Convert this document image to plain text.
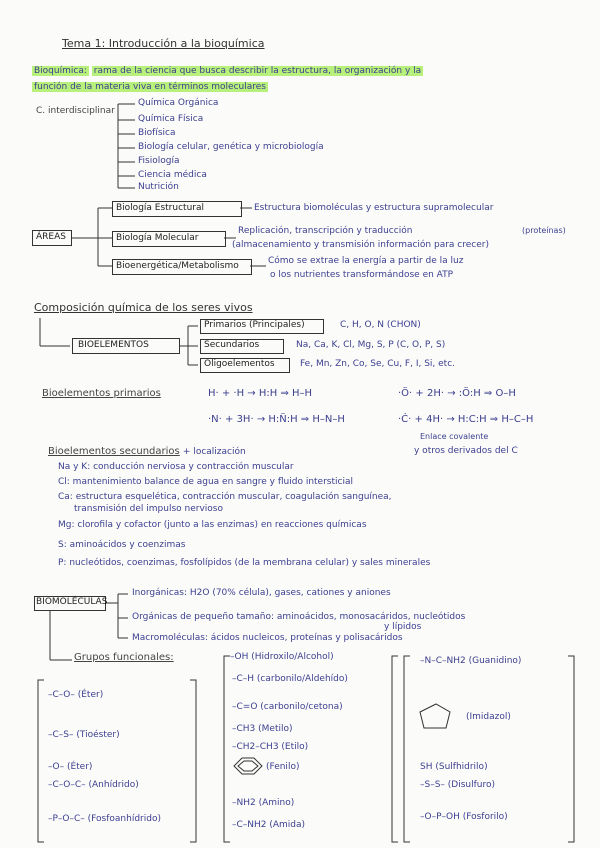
Tema 1: Introducción a la bioquímica
Bioquímica: rama de la ciencia que busca describir la estructura, la organización y la
función de la materia viva en términos moleculares
C. interdisciplinar
Química Orgánica
Química Física
Biofísica
Biología celular, genética y microbiología
Fisiología
Ciencia médica
Nutrición
ÁREAS
Biología Estructural	Estructura biomoléculas y estructura supramolecular
Biología Molecular
Replicación, transcripción y traducción	(proteínas)
(almacenamiento y transmisión información para crecer)
Bioenergética/Metabolismo	Cómo se extrae la energía a partir de la luz
o los nutrientes transformándose en ATP
Composición química de los seres vivos
BIOELEMENTOS
Primarios (Principales)	C, H, O, N (CHON)
Secundarios	Na, Ca, K, Cl, Mg, S, P (C, O, P, S)
Oligoelementos	Fe, Mn, Zn, Co, Se, Cu, F, I, Si, etc.
Bioelementos primarios	H· + ·H → H:H ⇒ H–H
·N· + 3H· → H:N̈:H ⇒ H–N–H
·Ö· + 2H· → :Ö:H ⇒ O–H
·Ċ· + 4H· → H:C:H ⇒ H–C–H
Enlace covalente
y otros derivados del C
Bioelementos secundarios + localización
Na y K: conducción nerviosa y contracción muscular
Cl: mantenimiento balance de agua en sangre y fluido intersticial
Ca: estructura esquelética, contracción muscular, coagulación sanguínea,
transmisión del impulso nervioso
Mg: clorofila y cofactor (junto a las enzimas) en reacciones químicas
S: aminoácidos y coenzimas
P: nucleótidos, coenzimas, fosfolípidos (de la membrana celular) y sales minerales
BIOMOLÉCULAS
Inorgánicas: H2O (70% célula), gases, cationes y aniones
Orgánicas de pequeño tamaño: aminoácidos, monosacáridos, nucleótidos
y lípidos
Macromoléculas: ácidos nucleicos, proteínas y polisacáridos
Grupos funcionales:
–C–O– (Éter)
–C–S– (Tioéster)
–O– (Éter)
–C–O–C– (Anhídrido)
–P–O–C– (Fosfoanhídrido)
–OH (Hidroxilo/Alcohol)
–C–H (carbonilo/Aldehído)
–C=O (carbonilo/cetona)
–CH3 (Metilo)
–CH2–CH3 (Etilo)
(Fenilo)
–NH2 (Amino)
–C–NH2 (Amida)
–N–C–NH2 (Guanidino)
(Imidazol)
SH (Sulfhidrilo)
–S–S– (Disulfuro)
–O–P–OH (Fosforilo)
